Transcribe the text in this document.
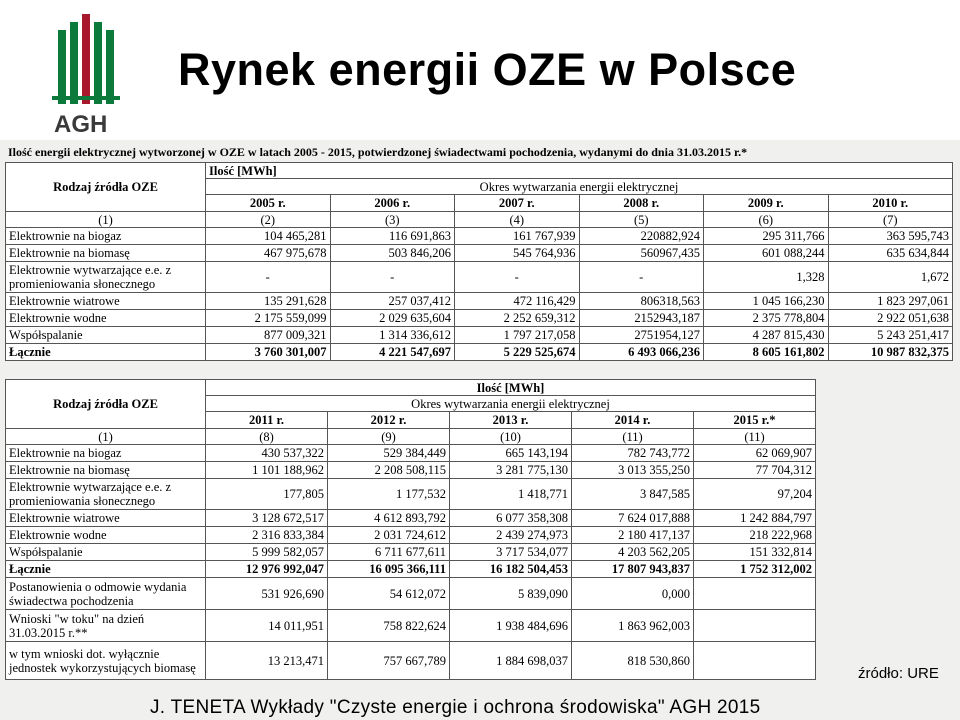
AGH
Rynek energii OZE w Polsce
Ilość energii elektrycznej wytworzonej w OZE w latach 2005 - 2015, potwierdzonej świadectwami pochodzenia, wydanymi do dnia 31.03.2015 r.*
Rodzaj źródła OZE	Ilość [MWh]					
	Okres wytwarzania energii elektrycznej					
	2005 r.	2006 r.	2007 r.	2008 r.	2009 r.	2010 r.
(1)	(2)	(3)	(4)	(5)	(6)	(7)
Elektrownie na biogaz	104 465,281	116 691,863	161 767,939	220882,924	295 311,766	363 595,743
Elektrownie na biomasę	467 975,678	503 846,206	545 764,936	560967,435	601 088,244	635 634,844
Elektrownie wytwarzające e.e. z promieniowania słonecznego	-	-	-	-	1,328	1,672
Elektrownie wiatrowe	135 291,628	257 037,412	472 116,429	806318,563	1 045 166,230	1 823 297,061
Elektrownie wodne	2 175 559,099	2 029 635,604	2 252 659,312	2152943,187	2 375 778,804	2 922 051,638
Współspalanie	877 009,321	1 314 336,612	1 797 217,058	2751954,127	4 287 815,430	5 243 251,417
Łącznie	3 760 301,007	4 221 547,697	5 229 525,674	6 493 066,236	8 605 161,802	10 987 832,375
Rodzaj źródła OZE	Ilość [MWh]				
	Okres wytwarzania energii elektrycznej				
	2011 r.	2012 r.	2013 r.	2014 r.	2015 r.*
(1)	(8)	(9)	(10)	(11)	(11)
Elektrownie na biogaz	430 537,322	529 384,449	665 143,194	782 743,772	62 069,907
Elektrownie na biomasę	1 101 188,962	2 208 508,115	3 281 775,130	3 013 355,250	77 704,312
Elektrownie wytwarzające e.e. z promieniowania słonecznego	177,805	1 177,532	1 418,771	3 847,585	97,204
Elektrownie wiatrowe	3 128 672,517	4 612 893,792	6 077 358,308	7 624 017,888	1 242 884,797
Elektrownie wodne	2 316 833,384	2 031 724,612	2 439 274,973	2 180 417,137	218 222,968
Współspalanie	5 999 582,057	6 711 677,611	3 717 534,077	4 203 562,205	151 332,814
Łącznie	12 976 992,047	16 095 366,111	16 182 504,453	17 807 943,837	1 752 312,002
Postanowienia o odmowie wydania świadectwa pochodzenia	531 926,690	54 612,072	5 839,090	0,000	
Wnioski "w toku" na dzień 31.03.2015 r.**	14 011,951	758 822,624	1 938 484,696	1 863 962,003	
w tym wnioski dot. wyłącznie jednostek wykorzystujących biomasę	13 213,471	757 667,789	1 884 698,037	818 530,860	
źródło: URE
J. TENETA Wykłady "Czyste energie i ochrona środowiska" AGH 2015
